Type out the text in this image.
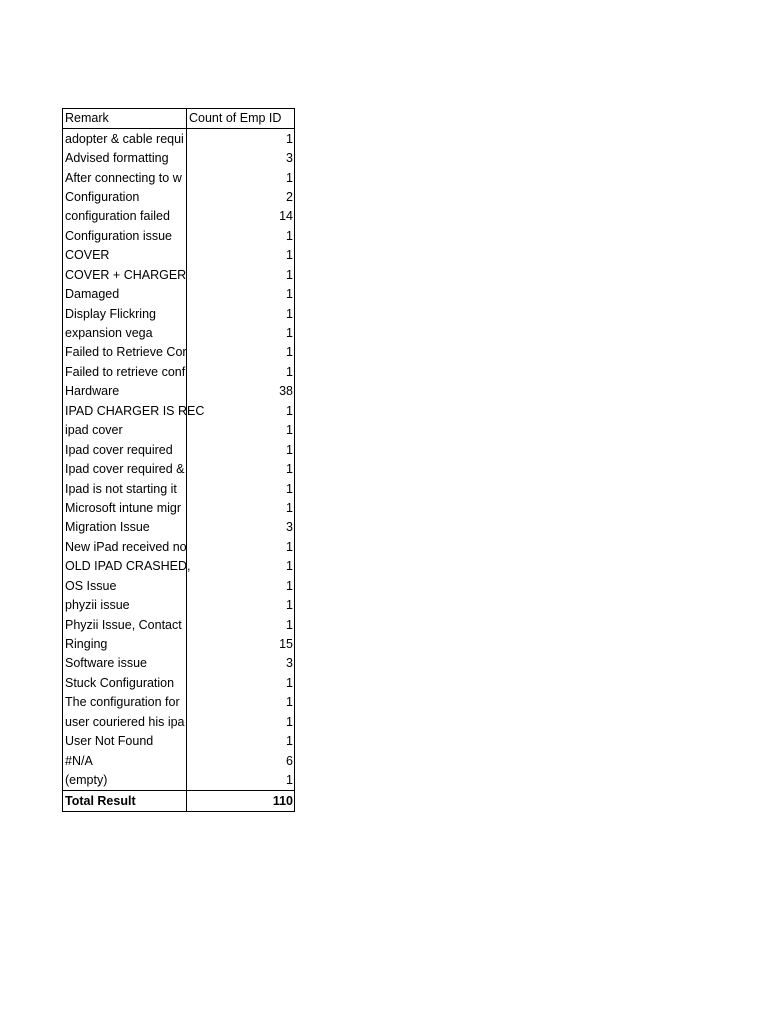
Remark	Count of Emp ID
adopter & cable requi	1
Advised formatting	3
After connecting to w	1
Configuration	2
configuration failed	14
Configuration issue	1
COVER	1
COVER + CHARGER	1
Damaged	1
Display Flickring	1
expansion vega	1
Failed to Retrieve Cor	1
Failed to retrieve conf	1
Hardware	38
IPAD CHARGER IS REC	1
ipad cover	1
Ipad cover required	1
Ipad cover required &	1
Ipad is not starting it	1
Microsoft intune migr	1
Migration Issue	3
New iPad received no	1
OLD IPAD CRASHED,	1
OS Issue	1
phyzii issue	1
Phyzii Issue, Contact	1
Ringing	15
Software issue	3
Stuck Configuration	1
The configuration for	1
user couriered his ipa	1
User Not Found	1
#N/A	6
(empty)	1
Total Result	110
